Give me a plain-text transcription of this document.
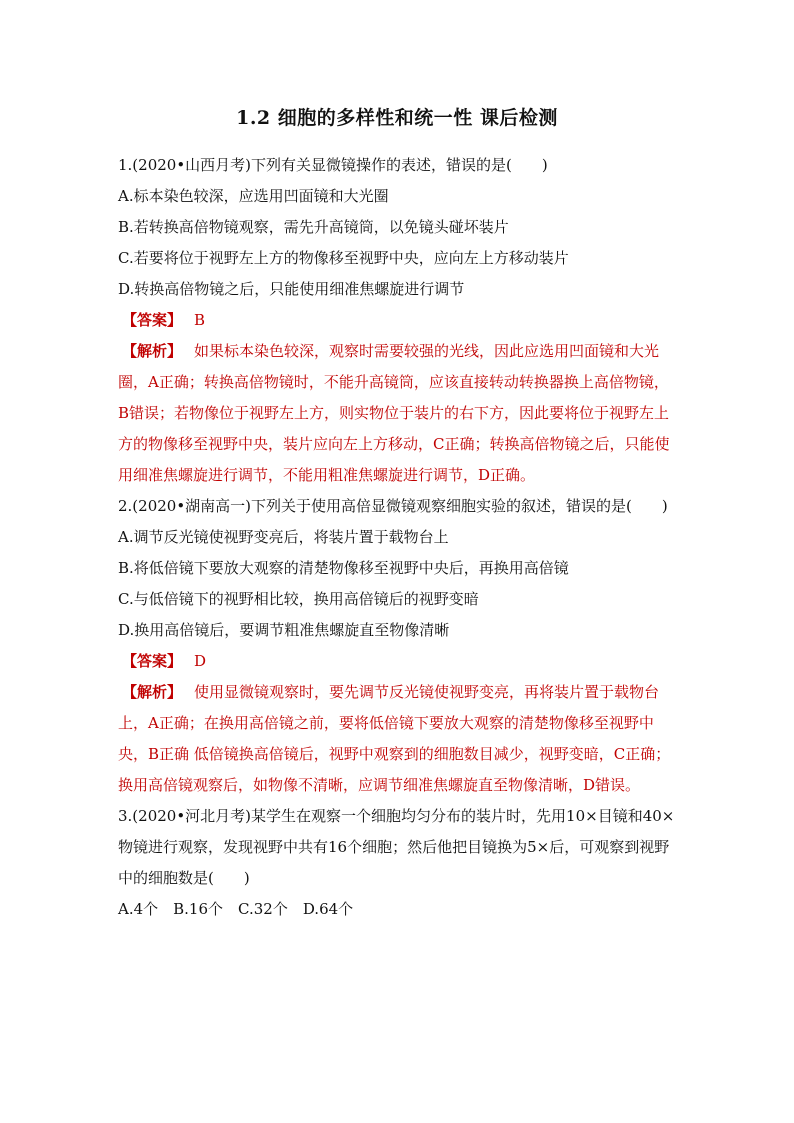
1.2 细胞的多样性和统一性 课后检测
1.(2020•山西月考)下列有关显微镜操作的表述，错误的是(　　)
A.标本染色较深，应选用凹面镜和大光圈
B.若转换高倍物镜观察，需先升高镜筒，以免镜头碰坏装片
C.若要将位于视野左上方的物像移至视野中央，应向左上方移动装片
D.转换高倍物镜之后，只能使用细准焦螺旋进行调节
【答案】 B
【解析】 如果标本染色较深，观察时需要较强的光线，因此应选用凹面镜和大光圈，A正确；转换高倍物镜时，不能升高镜筒，应该直接转动转换器换上高倍物镜，B错误；若物像位于视野左上方，则实物位于装片的右下方，因此要将位于视野左上方的物像移至视野中央，装片应向左上方移动，C正确；转换高倍物镜之后，只能使用细准焦螺旋进行调节，不能用粗准焦螺旋进行调节，D正确。
2.(2020•湖南高一)下列关于使用高倍显微镜观察细胞实验的叙述，错误的是(　　)
A.调节反光镜使视野变亮后，将装片置于载物台上
B.将低倍镜下要放大观察的清楚物像移至视野中央后，再换用高倍镜
C.与低倍镜下的视野相比较，换用高倍镜后的视野变暗
D.换用高倍镜后，要调节粗准焦螺旋直至物像清晰
【答案】 D
【解析】 使用显微镜观察时，要先调节反光镜使视野变亮，再将装片置于载物台上，A正确；在换用高倍镜之前，要将低倍镜下要放大观察的清楚物像移至视野中央，B正确 低倍镜换高倍镜后，视野中观察到的细胞数目减少，视野变暗，C正确；换用高倍镜观察后，如物像不清晰，应调节细准焦螺旋直至物像清晰，D错误。
3.(2020•河北月考)某学生在观察一个细胞均匀分布的装片时，先用10×目镜和40×物镜进行观察，发现视野中共有16个细胞；然后他把目镜换为5×后，可观察到视野中的细胞数是(　　)
A.4个　B.16个　C.32个　D.64个
